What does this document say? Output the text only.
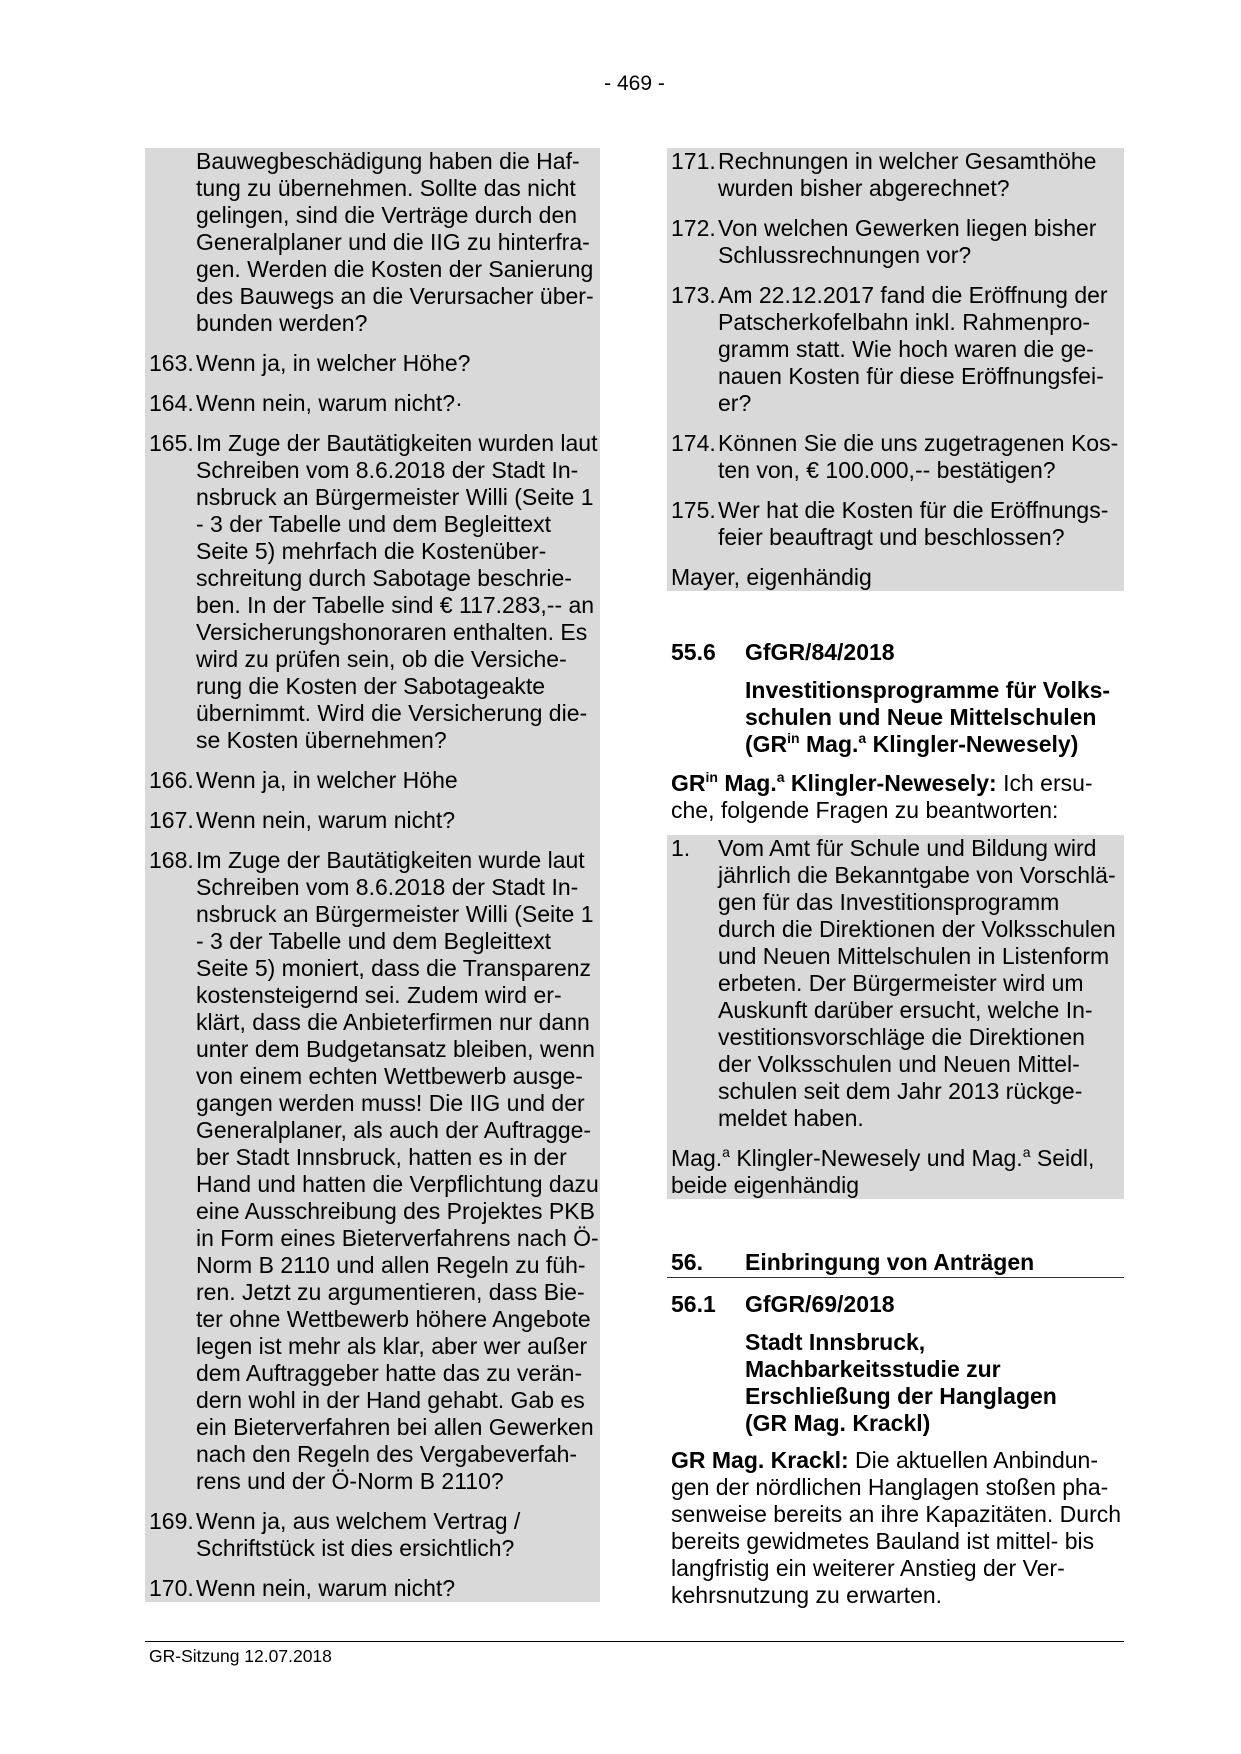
- 469 -
Bauwegbeschädigung haben die Haf-
tung zu übernehmen. Sollte das nicht
gelingen, sind die Verträge durch den
Generalplaner und die IIG zu hinterfra-
gen. Werden die Kosten der Sanierung
des Bauwegs an die Verursacher über-
bunden werden?
163. Wenn ja, in welcher Höhe?
164. Wenn nein, warum nicht?·
165. Im Zuge der Bautätigkeiten wurden laut
Schreiben vom 8.6.2018 der Stadt In-
nsbruck an Bürgermeister Willi (Seite 1
- 3 der Tabelle und dem Begleittext
Seite 5) mehrfach die Kostenüber-
schreitung durch Sabotage beschrie-
ben. In der Tabelle sind € 117.283,-- an
Versicherungshonoraren enthalten. Es
wird zu prüfen sein, ob die Versiche-
rung die Kosten der Sabotageakte
übernimmt. Wird die Versicherung die-
se Kosten übernehmen?
166. Wenn ja, in welcher Höhe
167. Wenn nein, warum nicht?
168. Im Zuge der Bautätigkeiten wurde laut
Schreiben vom 8.6.2018 der Stadt In-
nsbruck an Bürgermeister Willi (Seite 1
- 3 der Tabelle und dem Begleittext
Seite 5) moniert, dass die Transparenz
kostensteigernd sei. Zudem wird er-
klärt, dass die Anbieterfirmen nur dann
unter dem Budgetansatz bleiben, wenn
von einem echten Wettbewerb ausge-
gangen werden muss! Die IIG und der
Generalplaner, als auch der Auftragge-
ber Stadt Innsbruck, hatten es in der
Hand und hatten die Verpflichtung dazu
eine Ausschreibung des Projektes PKB
in Form eines Bieterverfahrens nach Ö-
Norm B 2110 und allen Regeln zu füh-
ren. Jetzt zu argumentieren, dass Bie-
ter ohne Wettbewerb höhere Angebote
legen ist mehr als klar, aber wer außer
dem Auftraggeber hatte das zu verän-
dern wohl in der Hand gehabt. Gab es
ein Bieterverfahren bei allen Gewerken
nach den Regeln des Vergabeverfah-
rens und der Ö-Norm B 2110?
169. Wenn ja, aus welchem Vertrag /
Schriftstück ist dies ersichtlich?
170. Wenn nein, warum nicht?
171. Rechnungen in welcher Gesamthöhe
wurden bisher abgerechnet?
172. Von welchen Gewerken liegen bisher
Schlussrechnungen vor?
173. Am 22.12.2017 fand die Eröffnung der
Patscherkofelbahn inkl. Rahmenpro-
gramm statt. Wie hoch waren die ge-
nauen Kosten für diese Eröffnungsfei-
er?
174. Können Sie die uns zugetragenen Kos-
ten von, € 100.000,-- bestätigen?
175. Wer hat die Kosten für die Eröffnungs-
feier beauftragt und beschlossen?
Mayer, eigenhändig
55.6	GfGR/84/2018
Investitionsprogramme für Volks-
schulen und Neue Mittelschulen
($GR^{in}$ Mag.$^a$ Klingler-Newesely)
$GR^{in}$ Mag.$^a$ Klingler-Newesely: Ich ersu-
che, folgende Fragen zu beantworten:
1.	Vom Amt für Schule und Bildung wird
jährlich die Bekanntgabe von Vorschlä-
gen für das Investitionsprogramm
durch die Direktionen der Volksschulen
und Neuen Mittelschulen in Listenform
erbeten. Der Bürgermeister wird um
Auskunft darüber ersucht, welche In-
vestitionsvorschläge die Direktionen
der Volksschulen und Neuen Mittel-
schulen seit dem Jahr 2013 rückge-
meldet haben.
Mag.$^a$ Klingler-Newesely und Mag.$^a$ Seidl,
beide eigenhändig
56.	Einbringung von Anträgen
56.1	GfGR/69/2018
Stadt Innsbruck,
Machbarkeitsstudie zur
Erschließung der Hanglagen
(GR Mag. Krackl)
GR Mag. Krackl: Die aktuellen Anbindun-
gen der nördlichen Hanglagen stoßen pha-
senweise bereits an ihre Kapazitäten. Durch
bereits gewidmetes Bauland ist mittel- bis
langfristig ein weiterer Anstieg der Ver-
kehrsnutzung zu erwarten.
GR-Sitzung 12.07.2018
